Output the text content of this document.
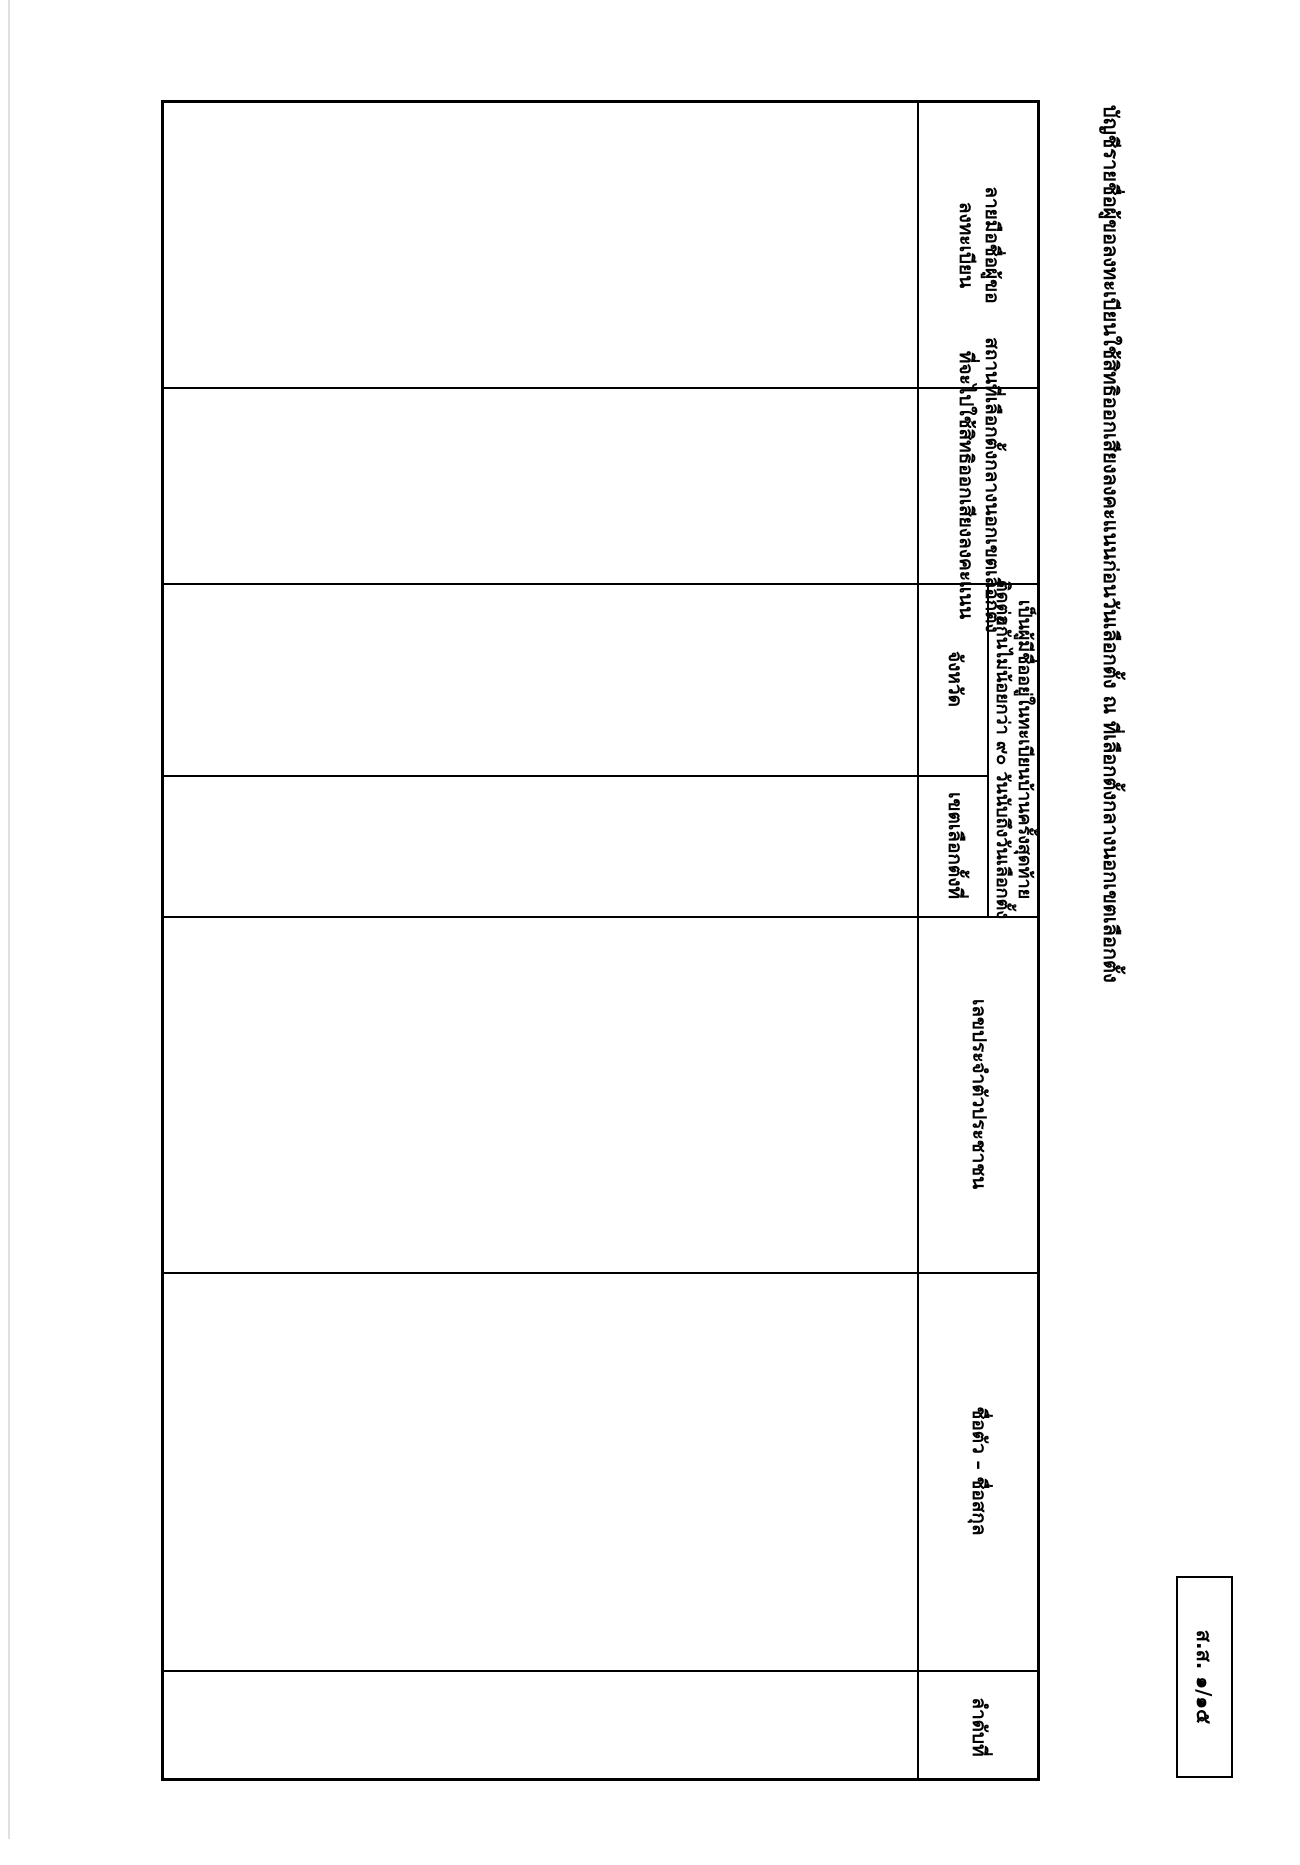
ส.ส. ๑/๑๕
บัญชีรายชื่อผู้ขอลงทะเบียนใช้สิทธิออกเสียงลงคะแนนก่อนวันเลือกตั้ง ณ ที่เลือกตั้งกลางนอกเขตเลือกตั้ง
ลำดับที่
ชื่อตัว – ชื่อสกุล
เลขประจำตัวประชาชน
เป็นผู้มีชื่ออยู่ในทะเบียนบ้านครั้งสุดท้าย
ติดต่อกันไม่น้อยกว่า ๙๐ วันนับถึงวันเลือกตั้ง
เขตเลือกตั้งที่
จังหวัด
สถานที่เลือกตั้งกลางนอกเขตเลือกตั้ง
ที่จะไปใช้สิทธิออกเสียงลงคะแนน
ลายมือชื่อผู้ขอ
ลงทะเบียน
